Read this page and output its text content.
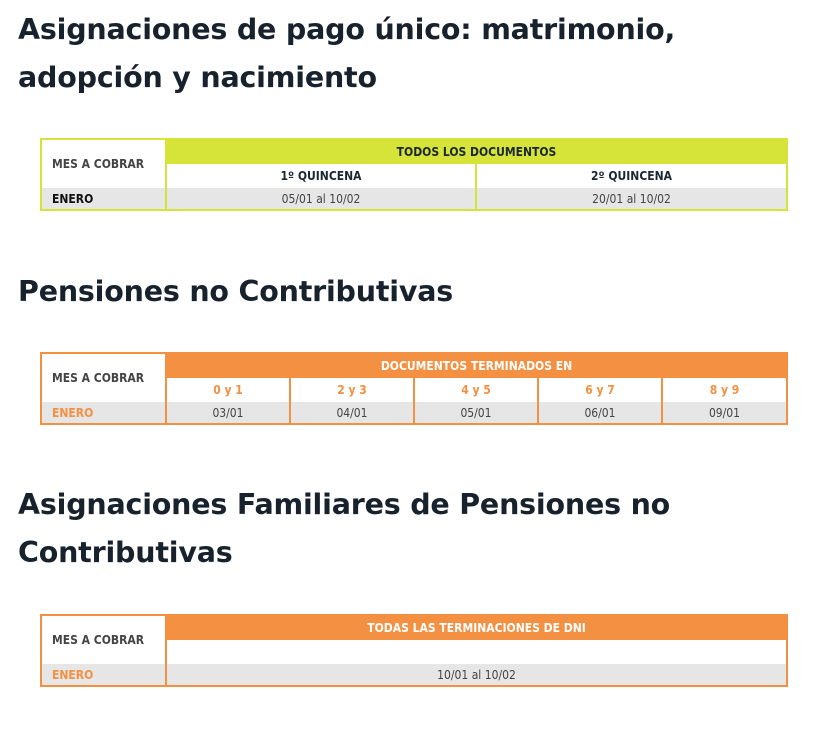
Asignaciones de pago único: matrimonio, adopción y nacimiento
MES A COBRAR	TODOS LOS DOCUMENTOS	
	1º QUINCENA	2º QUINCENA
ENERO	05/01 al 10/02	20/01 al 10/02
Pensiones no Contributivas
MES A COBRAR	DOCUMENTOS TERMINADOS EN				
	0 y 1	2 y 3	4 y 5	6 y 7	8 y 9
ENERO	03/01	04/01	05/01	06/01	09/01
Asignaciones Familiares de Pensiones no Contributivas
MES A COBRAR	TODAS LAS TERMINACIONES DE DNI

ENERO	10/01 al 10/02
